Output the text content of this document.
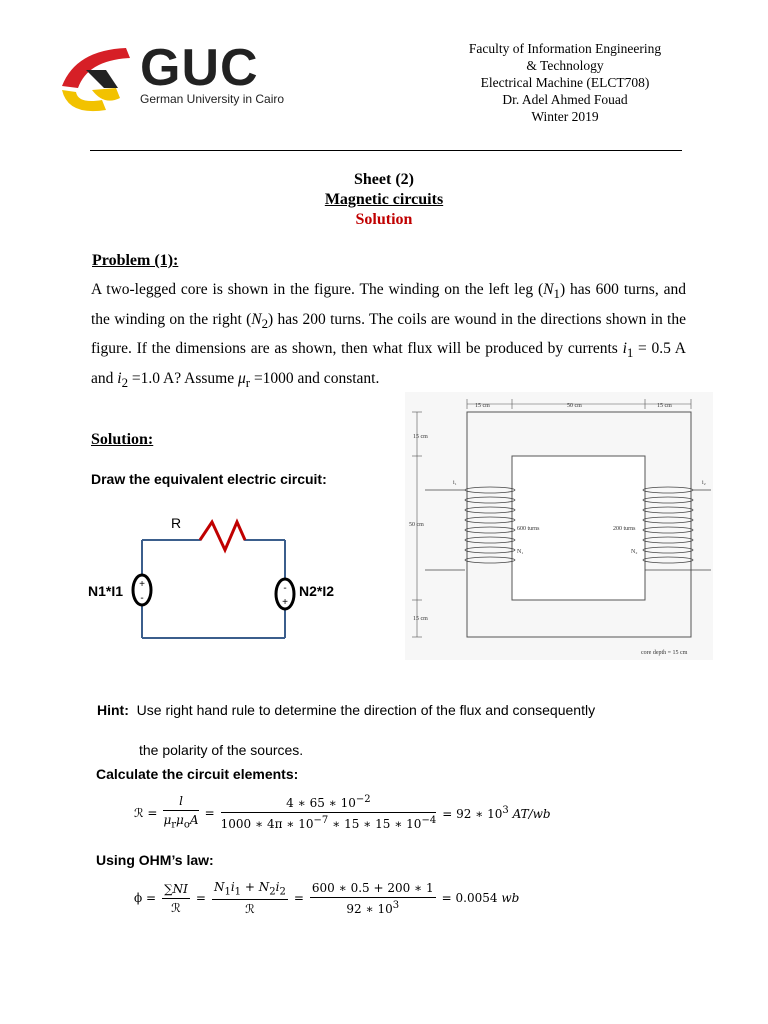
GUC
German University in Cairo
Faculty of Information Engineering
& Technology
Electrical Machine (ELCT708)
Dr. Adel Ahmed Fouad
Winter 2019
Sheet (2)
Magnetic circuits
Solution
Problem (1):
A two-legged core is shown in the figure. The winding on the left leg $(N_1)$ has 600 turns, and the winding on the right $(N_2)$ has 200 turns. The coils are wound in the directions shown in the figure. If the dimensions are as shown, then what flux will be produced by currents $i_1 = 0.5$ A and $i_2 =1.0$ A? Assume $\mu_r =1000$ and constant.
Solution:
Draw the equivalent electric circuit:
+
-
-
+
R
N1*I1	N2*I2
15 cm	50 cm	15 cm
15 cm
50 cm
15 cm
i₁	i₂
600 turns	200 turns
N₁	N₂
core depth = 15 cm
Hint: Use right hand rule to determine the direction of the flux and consequently
the polarity of the sources.
Calculate the circuit elements:
ℛ = $\frac{l}{\mu_r\mu_oA} = \frac{4 ∗ 65 ∗ 10^{-2}}{1000 ∗ 4\pi ∗ 10^{-7} ∗ 15 ∗ 15 ∗ 10^{-4}} = 92$ ∗ $10^3$ AT/wb
Using OHM’s law:
$\phi = \frac{\sum NI}{\text{ℛ}} = \frac{N_1i_1 + N_2i_2}{\text{ℛ}} = \frac{600 ∗ 0.5 + 200 ∗ 1}{92 ∗ 10^3} = 0.0054$ wb
